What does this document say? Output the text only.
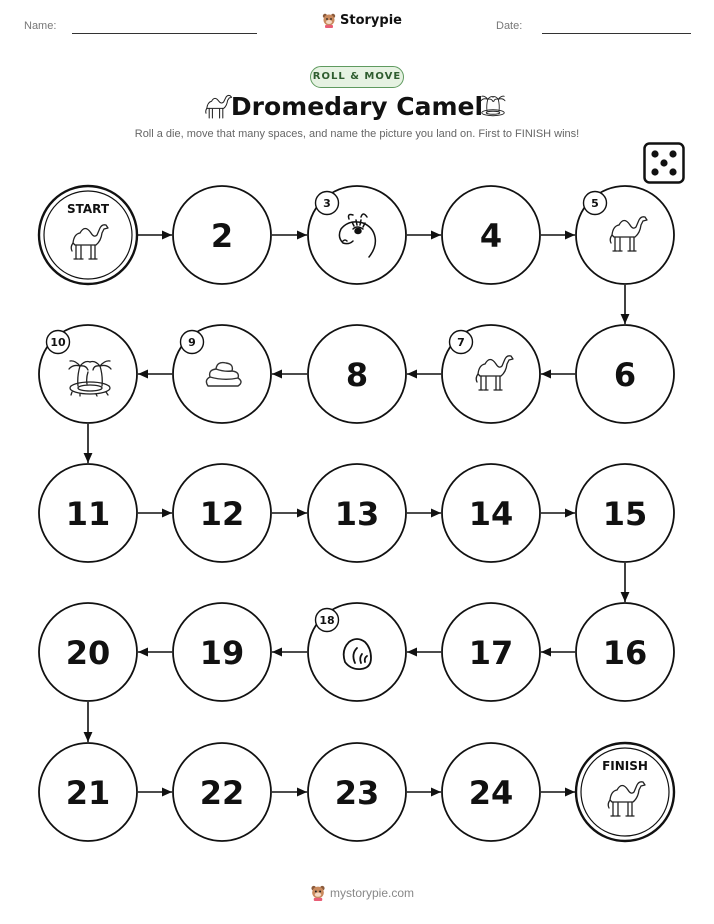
Name:	Storypie	Date:
ROLL & MOVE
Dromedary Camel
Roll a die, move that many spaces, and name the picture you land on. First to FINISH wins!
START
2
3
4
5
6
7
8
9
10
11	12	13	14	15
16
17
18
19
20
21	22	23	24
FINISH
mystorypie.com
